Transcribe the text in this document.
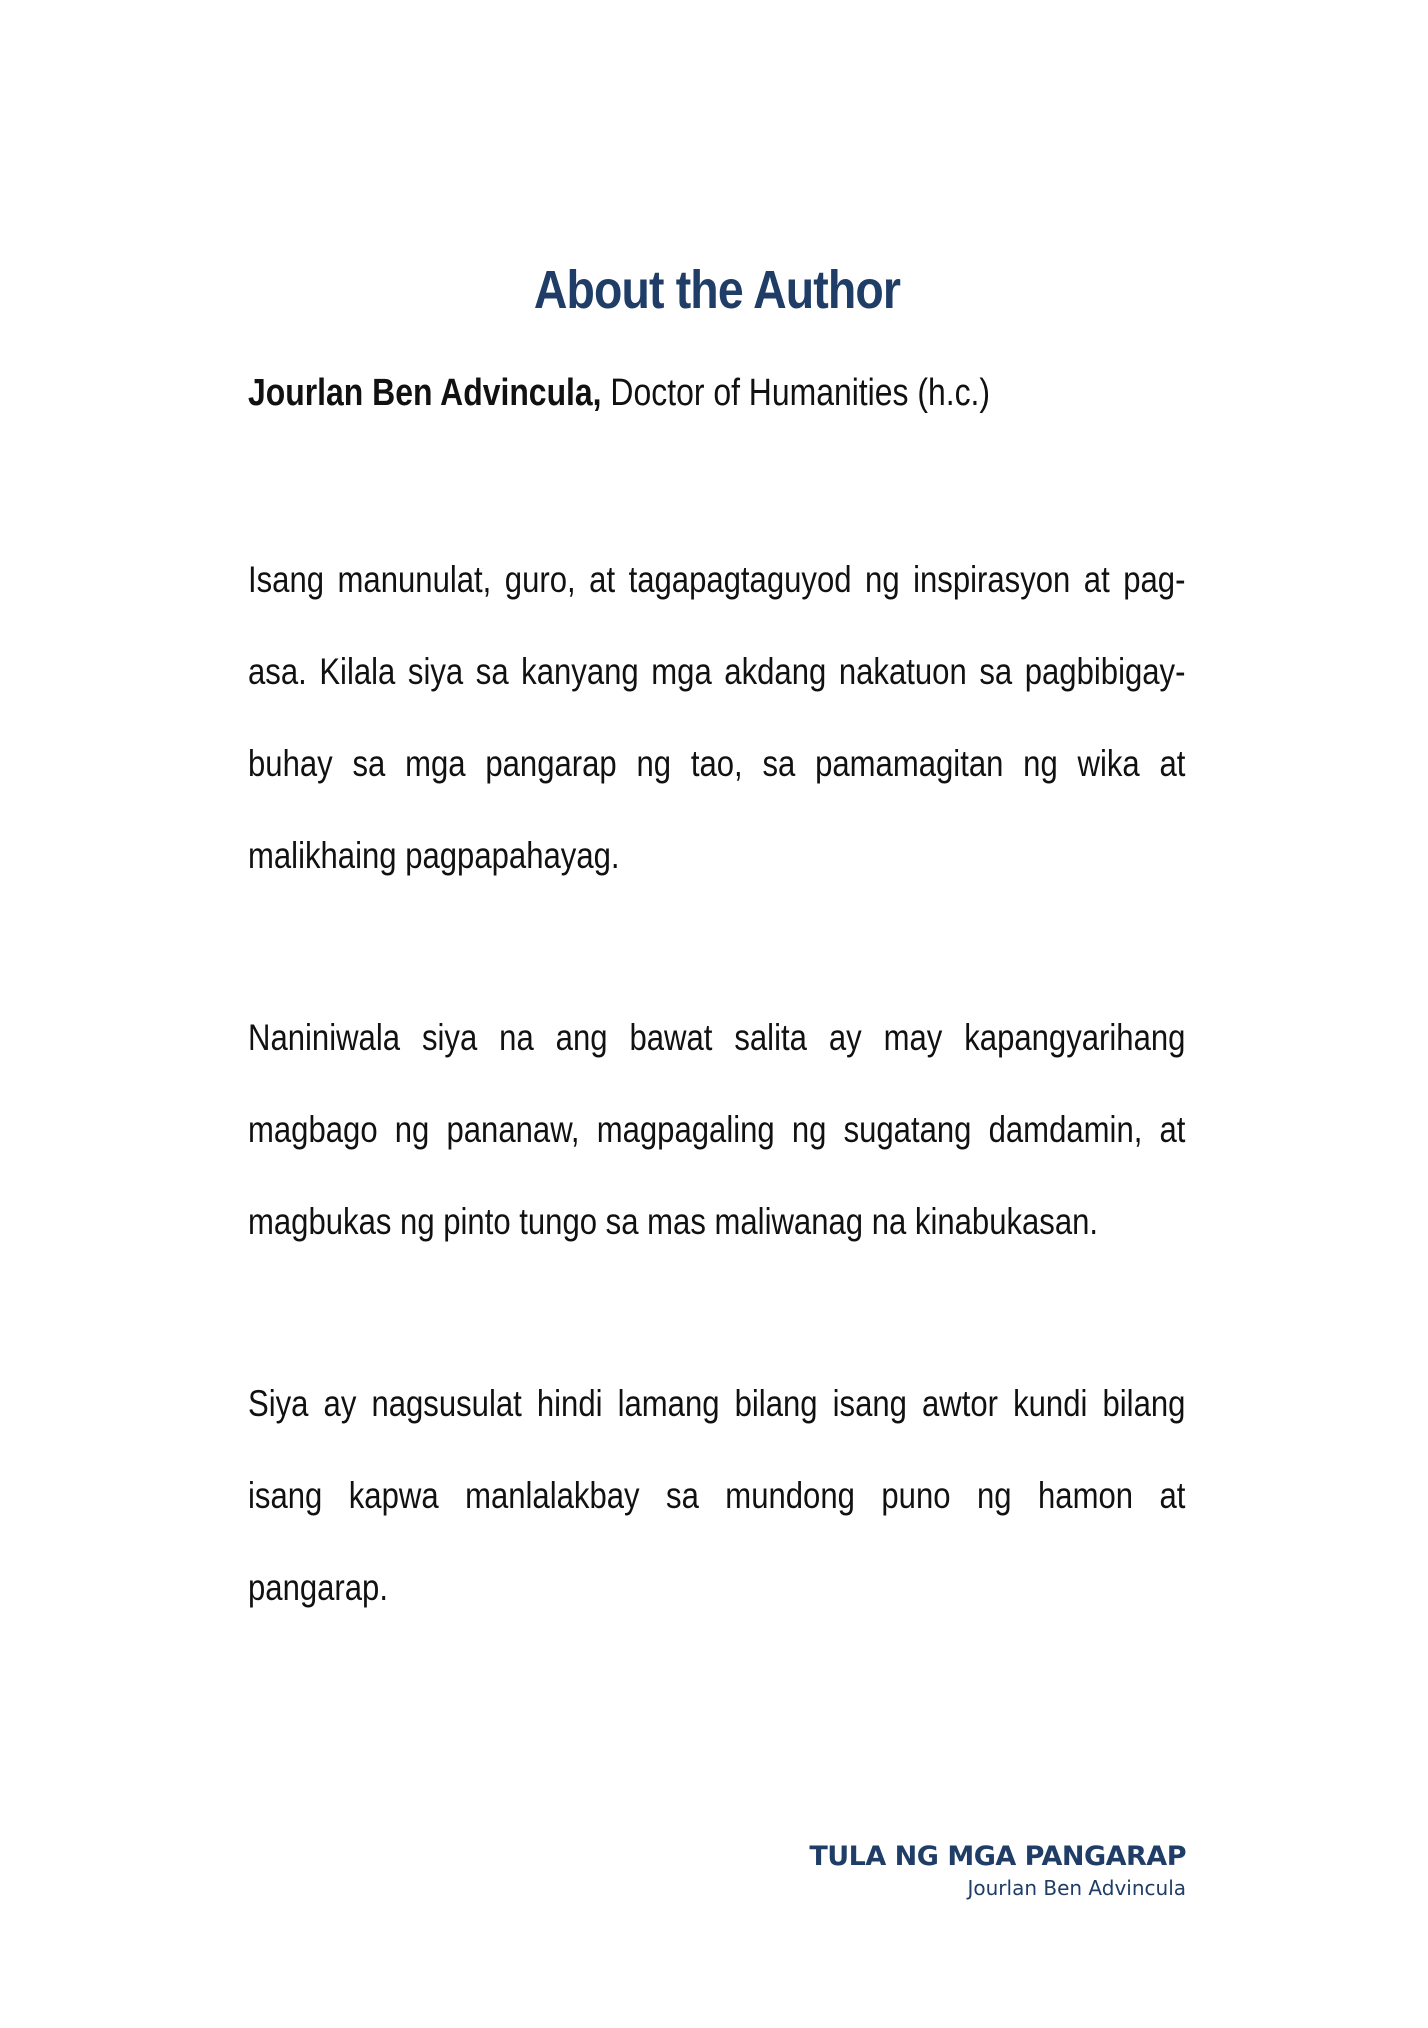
About the Author

Jourlan Ben Advincula, Doctor of Humanities (h.c.)

Isang manunulat, guro, at tagapagtaguyod ng inspirasyon at pag-asa. Kilala siya sa kanyang mga akdang nakatuon sa pagbibigay-buhay sa mga pangarap ng tao, sa pamamagitan ng wika at malikhaing pagpapahayag.

Naniniwala siya na ang bawat salita ay may kapangyarihang magbago ng pananaw, magpagaling ng sugatang damdamin, at magbukas ng pinto tungo sa mas maliwanag na kinabukasan.

Siya ay nagsusulat hindi lamang bilang isang awtor kundi bilang isang kapwa manlalakbay sa mundong puno ng hamon at pangarap.

TULA NG MGA PANGARAP
Jourlan Ben Advincula
